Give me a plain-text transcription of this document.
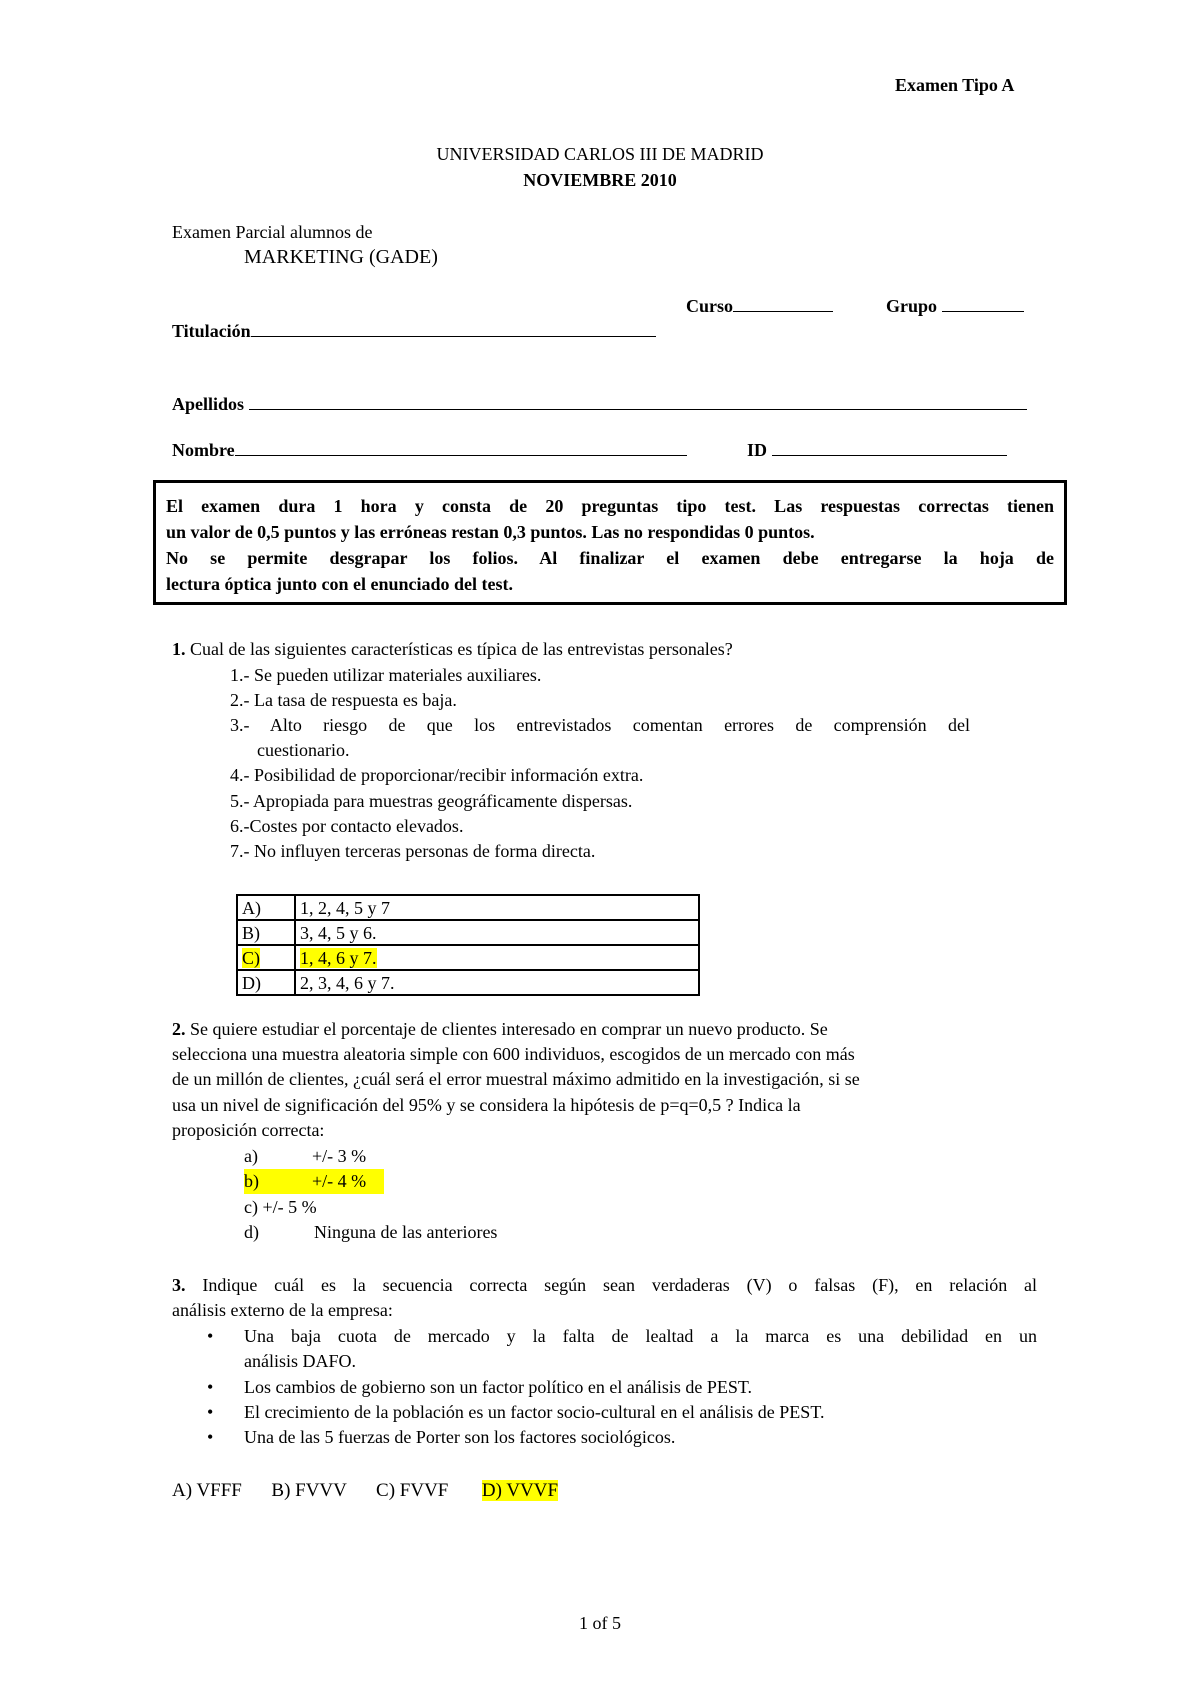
Examen Tipo A
UNIVERSIDAD CARLOS III DE MADRID
NOVIEMBRE 2010
Examen Parcial alumnos de
MARKETING (GADE)
Curso	Grupo
Titulación
Apellidos
Nombre	ID
El examen dura 1 hora y consta de 20 preguntas tipo test. Las respuestas correctas tienen
un valor de 0,5 puntos y las erróneas restan 0,3 puntos. Las no respondidas 0 puntos.
No se permite desgrapar los folios. Al finalizar el examen debe entregarse la hoja de
lectura óptica junto con el enunciado del test.
1. Cual de las siguientes características es típica de las entrevistas personales?
1.- Se pueden utilizar materiales auxiliares.
2.- La tasa de respuesta es baja.
3.- Alto riesgo de que los entrevistados comentan errores de comprensión del
cuestionario.
4.- Posibilidad de proporcionar/recibir información extra.
5.- Apropiada para muestras geográficamente dispersas.
6.-Costes por contacto elevados.
7.- No influyen terceras personas de forma directa.
A)	1, 2, 4, 5 y 7
B)	3, 4, 5 y 6.
C)	1, 4, 6 y 7.
D)	2, 3, 4, 6 y 7.
2. Se quiere estudiar el porcentaje de clientes interesado en comprar un nuevo producto. Se
selecciona una muestra aleatoria simple con 600 individuos, escogidos de un mercado con más
de un millón de clientes, ¿cuál será el error muestral máximo admitido en la investigación, si se
usa un nivel de significación del 95% y se considera la hipótesis de p=q=0,5 ? Indica la
proposición correcta:
a)	+/- 3 %
b)	+/- 4 %
c) +/- 5 %
d)	Ninguna de las anteriores
3. Indique cuál es la secuencia correcta según sean verdaderas (V) o falsas (F), en relación al
análisis externo de la empresa:
• Una baja cuota de mercado y la falta de lealtad a la marca es una debilidad en un
análisis DAFO.
• Los cambios de gobierno son un factor político en el análisis de PEST.
• El crecimiento de la población es un factor socio-cultural en el análisis de PEST.
• Una de las 5 fuerzas de Porter son los factores sociológicos.
A) VFFF B) FVVV C) FVVF D) VVVF
1 of 5
